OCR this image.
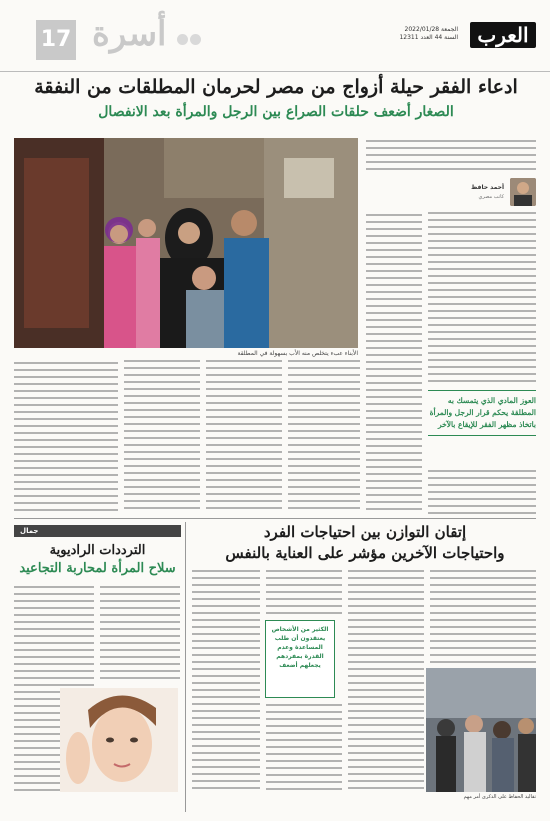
العرب
الجمعة 2022/01/28
السنة 44 العدد 12311
أسرة
17
ادعاء الفقر حيلة أزواج من مصر لحرمان المطلقات من النفقة
الصغار أضعف حلقات الصراع بين الرجل والمرأة بعد الانفصال
الأبناء عبء يتخلص منه الأب بسهولة في المطلقة
أحمد حافظ
كاتب مصري
العوز المادي الذي يتمسك به المطلقة يحكم قرار الرجل والمرأة باتخاذ مظهر الفقر للإيقاع بالآخر
جمال
الترددات الراديوية
سلاح المرأة لمحاربة التجاعيد
إتقان التوازن بين احتياجات الفرد
واحتياجات الآخرين مؤشر على العناية بالنفس
الكثير من الأشخاص يعتقدون أن طلب المساعدة وعدم القدرة بمفردهم يجعلهم أضعف
تقاليد الحفاظ على الذكرى أمر مهم
